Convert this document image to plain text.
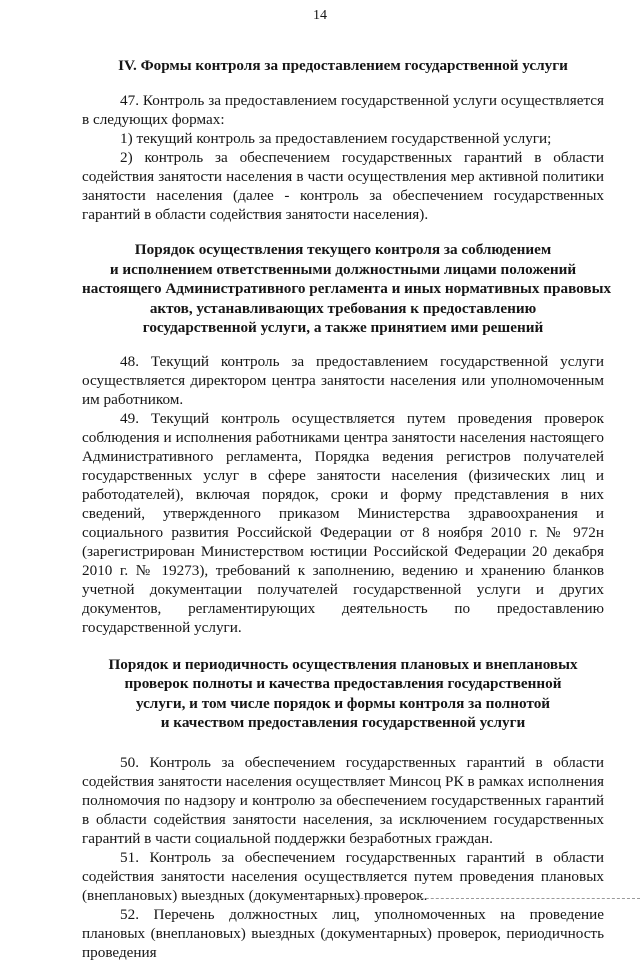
14
IV. Формы контроля за предоставлением государственной услуги

47. Контроль за предоставлением государственной услуги осуществляется в следующих формах:

1) текущий контроль за предоставлением государственной услуги;

2) контроль за обеспечением государственных гарантий в области содействия занятости населения в части осуществления мер активной политики занятости населения (далее - контроль за обеспечением государственных гарантий в области содействия занятости населения).

Порядок осуществления текущего контроля за соблюдением
и исполнением ответственными должностными лицами положений
настоящего Административного регламента и иных нормативных правовых
актов, устанавливающих требования к предоставлению
государственной услуги, а также принятием ими решений

48. Текущий контроль за предоставлением государственной услуги осуществляется директором центра занятости населения или уполномоченным им работником.

49. Текущий контроль осуществляется путем проведения проверок соблюдения и исполнения работниками центра занятости населения настоящего Административного регламента, Порядка ведения регистров получателей государственных услуг в сфере занятости населения (физических лиц и работодателей), включая порядок, сроки и форму представления в них сведений, утвержденного приказом Министерства здравоохранения и социального развития Российской Федерации от 8 ноября 2010 г. № 972н (зарегистрирован Министерством юстиции Российской Федерации 20 декабря 2010 г. № 19273), требований к заполнению, ведению и хранению бланков учетной документации получателей государственной услуги и других документов, регламентирующих деятельность по предоставлению государственной услуги.

Порядок и периодичность осуществления плановых и внеплановых
проверок полноты и качества предоставления государственной
услуги, и том числе порядок и формы контроля за полнотой
и качеством предоставления государственной услуги

50. Контроль за обеспечением государственных гарантий в области содействия занятости населения осуществляет Минсоц РК в рамках исполнения полномочия по надзору и контролю за обеспечением государственных гарантий в области содействия занятости населения, за исключением государственных гарантий в части социальной поддержки безработных граждан.

51. Контроль за обеспечением государственных гарантий в области содействия занятости населения осуществляется путем проведения плановых (внеплановых) выездных (документарных) проверок.

52. Перечень должностных лиц, уполномоченных на проведение плановых (внеплановых) выездных (документарных) проверок, периодичность проведения
